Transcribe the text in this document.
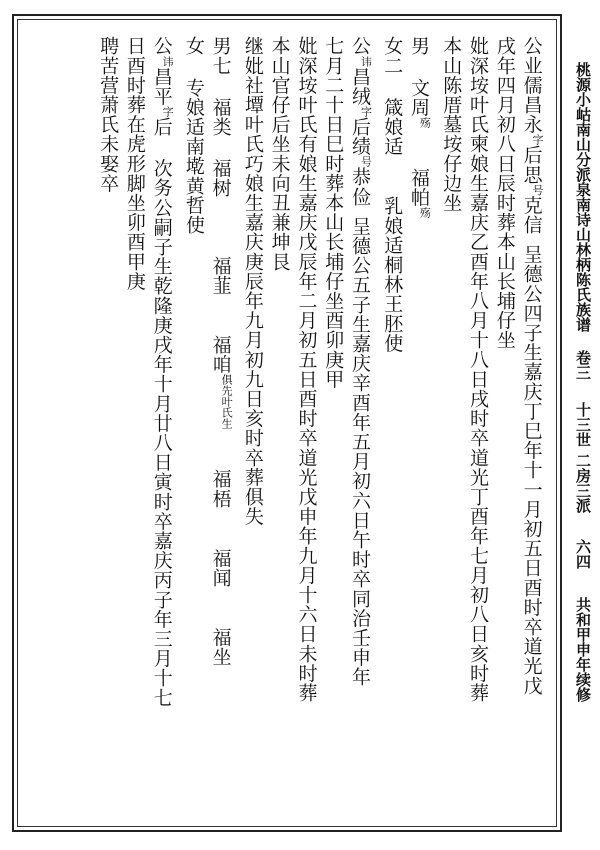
桃源小岵南山分派泉南诗山林柄陈氏族谱卷三十三世二房三派六四共和甲申年续修
公业儒昌永字后思号克信呈德公四子生嘉庆丁巳年十一月初五日酉时卒道光戊
戌年四月初八日辰时葬本山长埔仔坐
妣深垵叶氏柬娘生嘉庆乙酉年八月十八日戌时卒道光丁酉年七月初八日亥时葬
本山陈厝墓垵仔边坐
男文周殇福帕殇
女二箴娘适乳娘适桐林王胚使
公讳昌绒字后绩号恭俭呈德公五子生嘉庆辛酉年五月初六日午时卒同治壬申年
七月二十日巳时葬本山长埔仔坐酉卯庚甲
妣深垵叶氏有娘生嘉庆戊辰年二月初五日酉时卒道光戊申年九月十六日未时葬
本山官仔后坐未向丑兼坤艮
继妣社墰叶氏巧娘生嘉庆庚辰年九月初九日亥时卒葬俱失
男七福类福树福韮福咱俱先叶氏生福梧福闻福坐
女专娘适南墘黄哲使
公讳昌平字后次务公嗣子生乾隆庚戌年十月廿八日寅时卒嘉庆丙子年三月十七
日酉时葬在虎形脚坐卯酉甲庚
聘苦营萧氏未娶卒
